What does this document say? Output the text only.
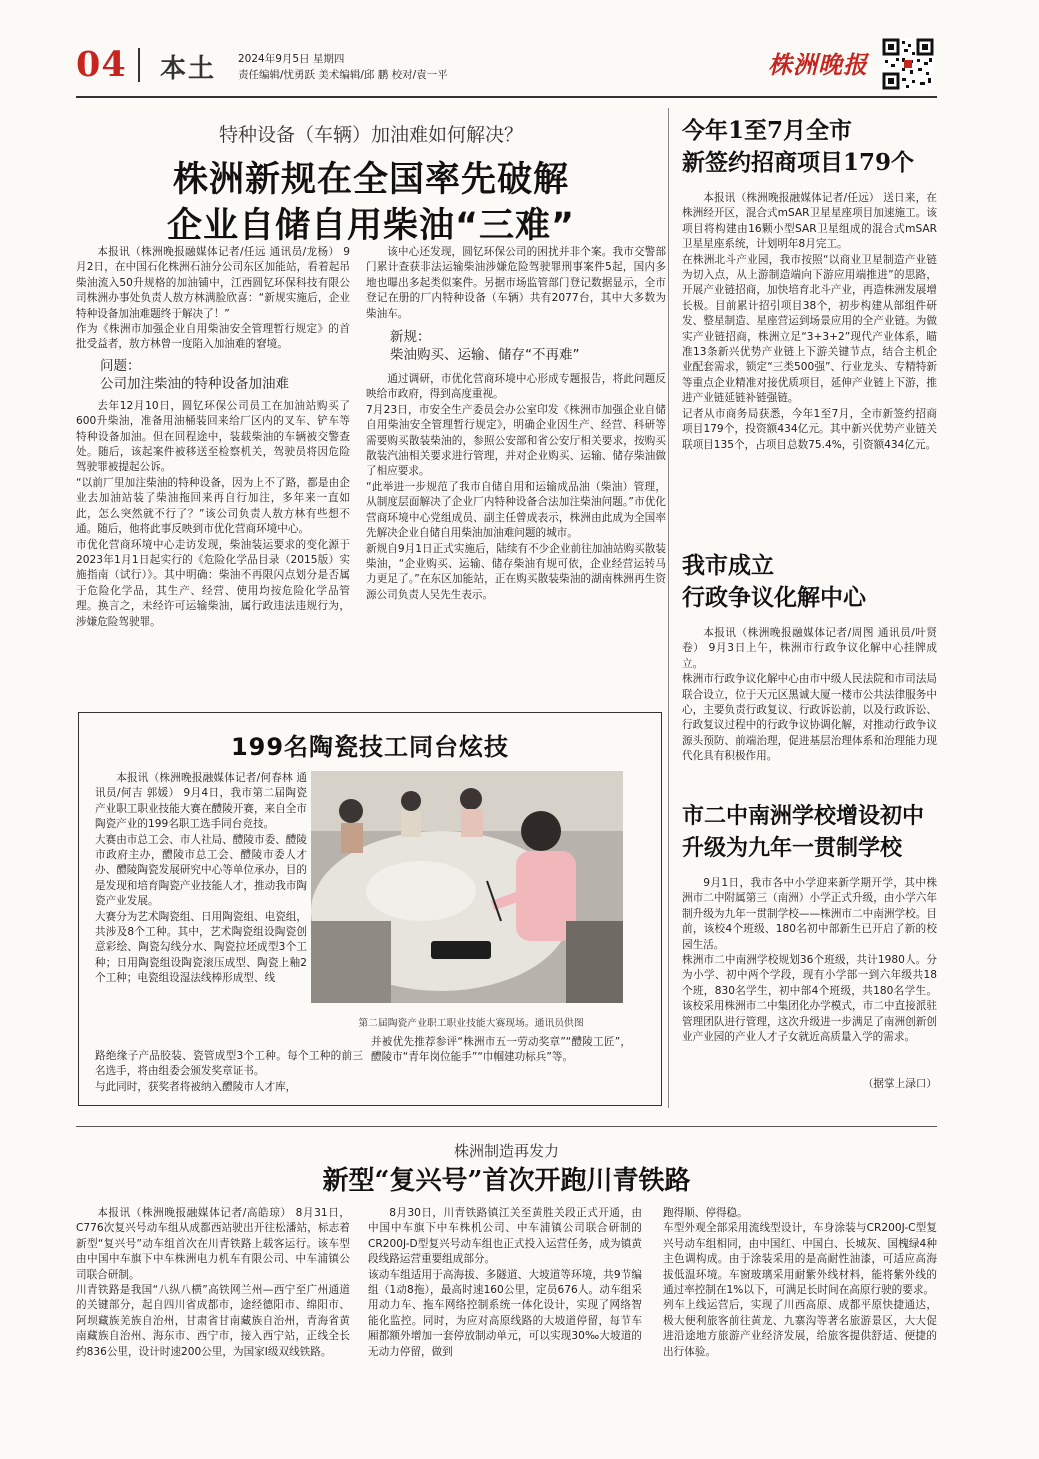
04 本土 2024年9月5日 星期四
责任编辑/忧勇跃 美术编辑/邱 鹏 校对/袁一平	株洲晚报
特种设备（车辆）加油难如何解决？
株洲新规在全国率先破解
企业自储自用柴油“三难”

本报讯（株洲晚报融媒体记者/任远 通讯员/龙杨） 9月2日，在中国石化株洲石油分公司东区加能站，看着起吊柴油流入50升规格的加油铺中，江西圆钇环保科技有限公司株洲办事处负责人敖方林满脸欣喜：“新规实施后，企业特种设备加油难题终于解决了！”
作为《株洲市加强企业自用柴油安全管理暂行规定》的首批受益者，敖方林曾一度陷入加油难的窘境。

问题：
公司加注柴油的特种设备加油难

去年12月10日，圆钇环保公司员工在加油站购买了600升柴油，准备用油桶装回来给厂区内的叉车、铲车等特种设备加油。但在回程途中，装载柴油的车辆被交警查处。随后，该起案件被移送至检察机关，驾驶员将因危险驾驶罪被提起公诉。
“以前厂里加注柴油的特种设备，因为上不了路，都是由企业去加油站装了柴油拖回来再自行加注，多年来一直如此，怎么突然就不行了？”该公司负责人敖方林有些想不通。随后，他将此事反映到市优化营商环境中心。
市优化营商环境中心走访发现，柴油装运要求的变化源于2023年1月1日起实行的《危险化学品目录（2015版）实施指南（试行）》。其中明确：柴油不再限闪点划分是否属于危险化学品，其生产、经营、使用均按危险化学品管理。换言之，未经许可运输柴油，属行政违法违规行为，涉嫌危险驾驶罪。

该中心还发现，圆钇环保公司的困扰并非个案。我市交警部门累计查获非法运输柴油涉嫌危险驾驶罪刑事案件5起，国内多地也曝出多起类似案件。另据市场监管部门登记数据显示，全市登记在册的厂内特种设备（车辆）共有2077台，其中大多数为柴油车。

新规：
柴油购买、运输、储存“不再难”

通过调研，市优化营商环境中心形成专题报告，将此问题反映给市政府，得到高度重视。
7月23日，市安全生产委员会办公室印发《株洲市加强企业自储自用柴油安全管理暂行规定》，明确企业因生产、经营、科研等需要购买散装柴油的，参照公安部和省公安厅相关要求，按购买散装汽油相关要求进行管理，并对企业购买、运输、储存柴油做了相应要求。
“此举进一步规范了我市自储自用和运输成品油（柴油）管理，从制度层面解决了企业厂内特种设备合法加注柴油问题。”市优化营商环境中心党组成员、副主任曾成表示，株洲由此成为全国率先解决企业自储自用柴油加油难问题的城市。
新规自9月1日正式实施后，陆续有不少企业前往加油站购买散装柴油，“企业购买、运输、储存柴油有规可依，企业经营运转马力更足了。”在东区加能站，正在购买散装柴油的湖南株洲再生资源公司负责人吴先生表示。

今年1至7月全市
新签约招商项目179个

本报讯（株洲晚报融媒体记者/任远） 送日来，在株洲经开区，混合式mSAR卫星星座项目加速施工。该项目将构建由16颗小型SAR卫星组成的混合式mSAR卫星星座系统，计划明年8月完工。
在株洲北斗产业园，我市按照“以商业卫星制造产业链为切入点，从上游制造端向下游应用端推进”的思路，开展产业链招商，加快培育北斗产业，再造株洲发展增长极。目前累计招引项目38个，初步构建从部组件研发、整星制造、星座营运到场景应用的全产业链。为做实产业链招商，株洲立足“3+3+2”现代产业体系，瞄准13条新兴优势产业链上下游关键节点，结合主机企业配套需求，锁定“三类500强”、行业龙头、专精特新等重点企业精准对接优质项目，延伸产业链上下游，推进产业链延链补链强链。
记者从市商务局获悉，今年1至7月，全市新签约招商项目179个，投资额434亿元。其中新兴优势产业链关联项目135个，占项目总数75.4%，引资额434亿元。

我市成立
行政争议化解中心

本报讯（株洲晚报融媒体记者/周图 通讯员/叶贤卷） 9月3日上午，株洲市行政争议化解中心挂牌成立。
株洲市行政争议化解中心由市中级人民法院和市司法局联合设立，位于天元区黑诚大厦一楼市公共法律服务中心，主要负责行政复议、行政诉讼前，以及行政诉讼、行政复议过程中的行政争议协调化解，对推动行政争议源头预防、前端治理，促进基层治理体系和治理能力现代化具有积极作用。

市二中南洲学校增设初中
升级为九年一贯制学校

9月1日，我市各中小学迎来新学期开学，其中株洲市二中附属第三（南洲）小学正式升级，由小学六年制升级为九年一贯制学校——株洲市二中南洲学校。目前，该校4个班级、180名初中部新生已开启了新的校园生活。
株洲市二中南洲学校规划36个班级，共计1980人。分为小学、初中两个学段，现有小学部一到六年级共18个班，830名学生，初中部4个班级，共180名学生。该校采用株洲市二中集团化办学模式，市二中直接派驻管理团队进行管理，这次升级进一步满足了南洲创新创业产业园的产业人才子女就近高质量入学的需求。

（据掌上渌口）
199名陶瓷技工同台炫技

本报讯（株洲晚报融媒体记者/何春林 通讯员/何吉 郭媛） 9月4日，我市第二届陶瓷产业职工职业技能大赛在醴陵开赛，来自全市陶瓷产业的199名职工选手同台竞技。
大赛由市总工会、市人社局、醴陵市委、醴陵市政府主办，醴陵市总工会、醴陵市委人才办、醴陵陶瓷发展研究中心等单位承办，目的是发现和培育陶瓷产业技能人才，推动我市陶瓷产业发展。
大赛分为艺术陶瓷组、日用陶瓷组、电瓷组，共涉及8个工种。其中，艺术陶瓷组设陶瓷创意彩绘、陶瓷勾线分水、陶瓷拉坯成型3个工种；日用陶瓷组设陶瓷滚压成型、陶瓷上釉2个工种；电瓷组设湿法线棒形成型、线

第二届陶瓷产业职工职业技能大赛现场。通讯员供图

路绝缘子产品胶装、瓷管成型3个工种。每个工种的前三名选手，将由组委会颁发奖章证书。
与此同时，获奖者将被纳入醴陵市人才库，

并被优先推荐参评“株洲市五一劳动奖章”“醴陵工匠”，醴陵市“青年岗位能手”“巾帼建功标兵”等。

株洲制造再发力
新型“复兴号”首次开跑川青铁路

本报讯（株洲晚报融媒体记者/高皓琼） 8月31日，C776次复兴号动车组从成都西站驶出开往松潘站，标志着新型“复兴号”动车组首次在川青铁路上载客运行。该车型由中国中车旗下中车株洲电力机车有限公司、中车浦镇公司联合研制。
川青铁路是我国“八纵八横”高铁网兰州—西宁至广州通道的关键部分，起自四川省成都市，途经德阳市、绵阳市、阿坝藏族羌族自治州，甘肃省甘南藏族自治州，青海省黄南藏族自治州、海东市、西宁市，接入西宁站，正线全长约836公里，设计时速200公里，为国家Ⅰ级双线铁路。

8月30日，川青铁路镇江关至黄胜关段正式开通，由中国中车旗下中车株机公司、中车浦镇公司联合研制的CR200J-D型复兴号动车组也正式投入运营任务，成为镇黄段线路运营重要组成部分。
该动车组适用于高海拔、多隧道、大坡道等环境，共9节编组（1动8拖），最高时速160公里，定员676人。动车组采用动力车、拖车网络控制系统一体化设计，实现了网络智能化监控。同时，为应对高原线路的大坡道停留，每节车厢都额外增加一套停放制动单元，可以实现30‰大坡道的无动力停留，做到

跑得顺、停得稳。
车型外观全部采用流线型设计，车身涂装与CR200J-C型复兴号动车组相同，由中国红、中国白、长城灰、国槐绿4种主色调构成。由于涂装采用的是高耐性油漆，可适应高海拔低温环境。车窗玻璃采用耐紫外线材料，能将紫外线的通过率控制在1%以下，可满足长时间在高原行驶的要求。
列车上线运营后，实现了川西高原、成都平原快捷通达，极大便利旅客前往黄龙、九寨沟等著名旅游景区，大大促进沿途地方旅游产业经济发展，给旅客提供舒适、便捷的出行体验。
